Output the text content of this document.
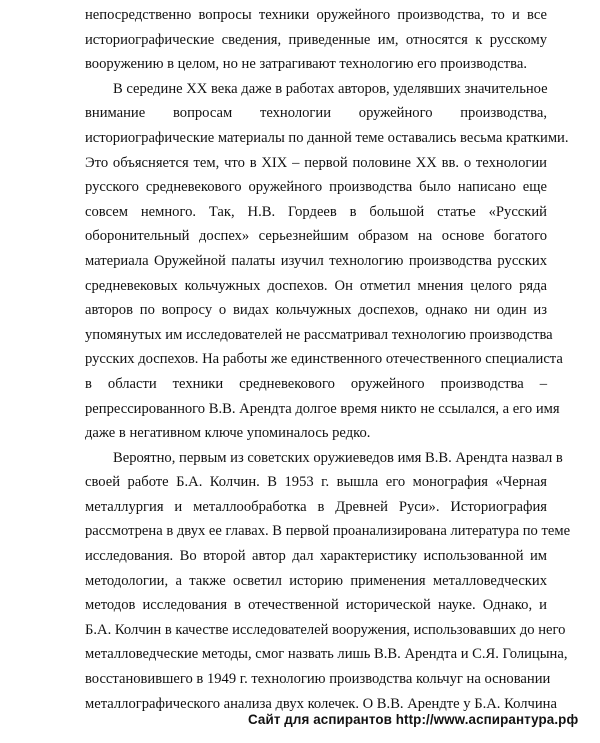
непосредственно вопросы техники оружейного производства, то и все
историографические сведения, приведенные им, относятся к русскому
вооружению в целом, но не затрагивают технологию его производства.
В середине XX века даже в работах авторов, уделявших значительное
внимание вопросам технологии оружейного производства,
историографические материалы по данной теме оставались весьма краткими.
Это объясняется тем, что в XIX – первой половине XX вв. о технологии
русского средневекового оружейного производства было написано еще
совсем немного. Так, Н.В. Гордеев в большой статье «Русский
оборонительный доспех» серьезнейшим образом на основе богатого
материала Оружейной палаты изучил технологию производства русских
средневековых кольчужных доспехов. Он отметил мнения целого ряда
авторов по вопросу о видах кольчужных доспехов, однако ни один из
упомянутых им исследователей не рассматривал технологию производства
русских доспехов. На работы же единственного отечественного специалиста
в области техники средневекового оружейного производства –
репрессированного В.В. Арендта долгое время никто не ссылался, а его имя
даже в негативном ключе упоминалось редко.
Вероятно, первым из советских оружиеведов имя В.В. Арендта назвал в
своей работе Б.А. Колчин. В 1953 г. вышла его монография «Черная
металлургия и металлообработка в Древней Руси». Историография
рассмотрена в двух ее главах. В первой проанализирована литература по теме
исследования. Во второй автор дал характеристику использованной им
методологии, а также осветил историю применения металловедческих
методов исследования в отечественной исторической науке. Однако, и
Б.А. Колчин в качестве исследователей вооружения, использовавших до него
металловедческие методы, смог назвать лишь В.В. Арендта и С.Я. Голицына,
восстановившего в 1949 г. технологию производства кольчуг на основании
металлографического анализа двух колечек. О В.В. Арендте у Б.А. Колчина
Сайт для аспирантов http://www.аспирантура.рф
